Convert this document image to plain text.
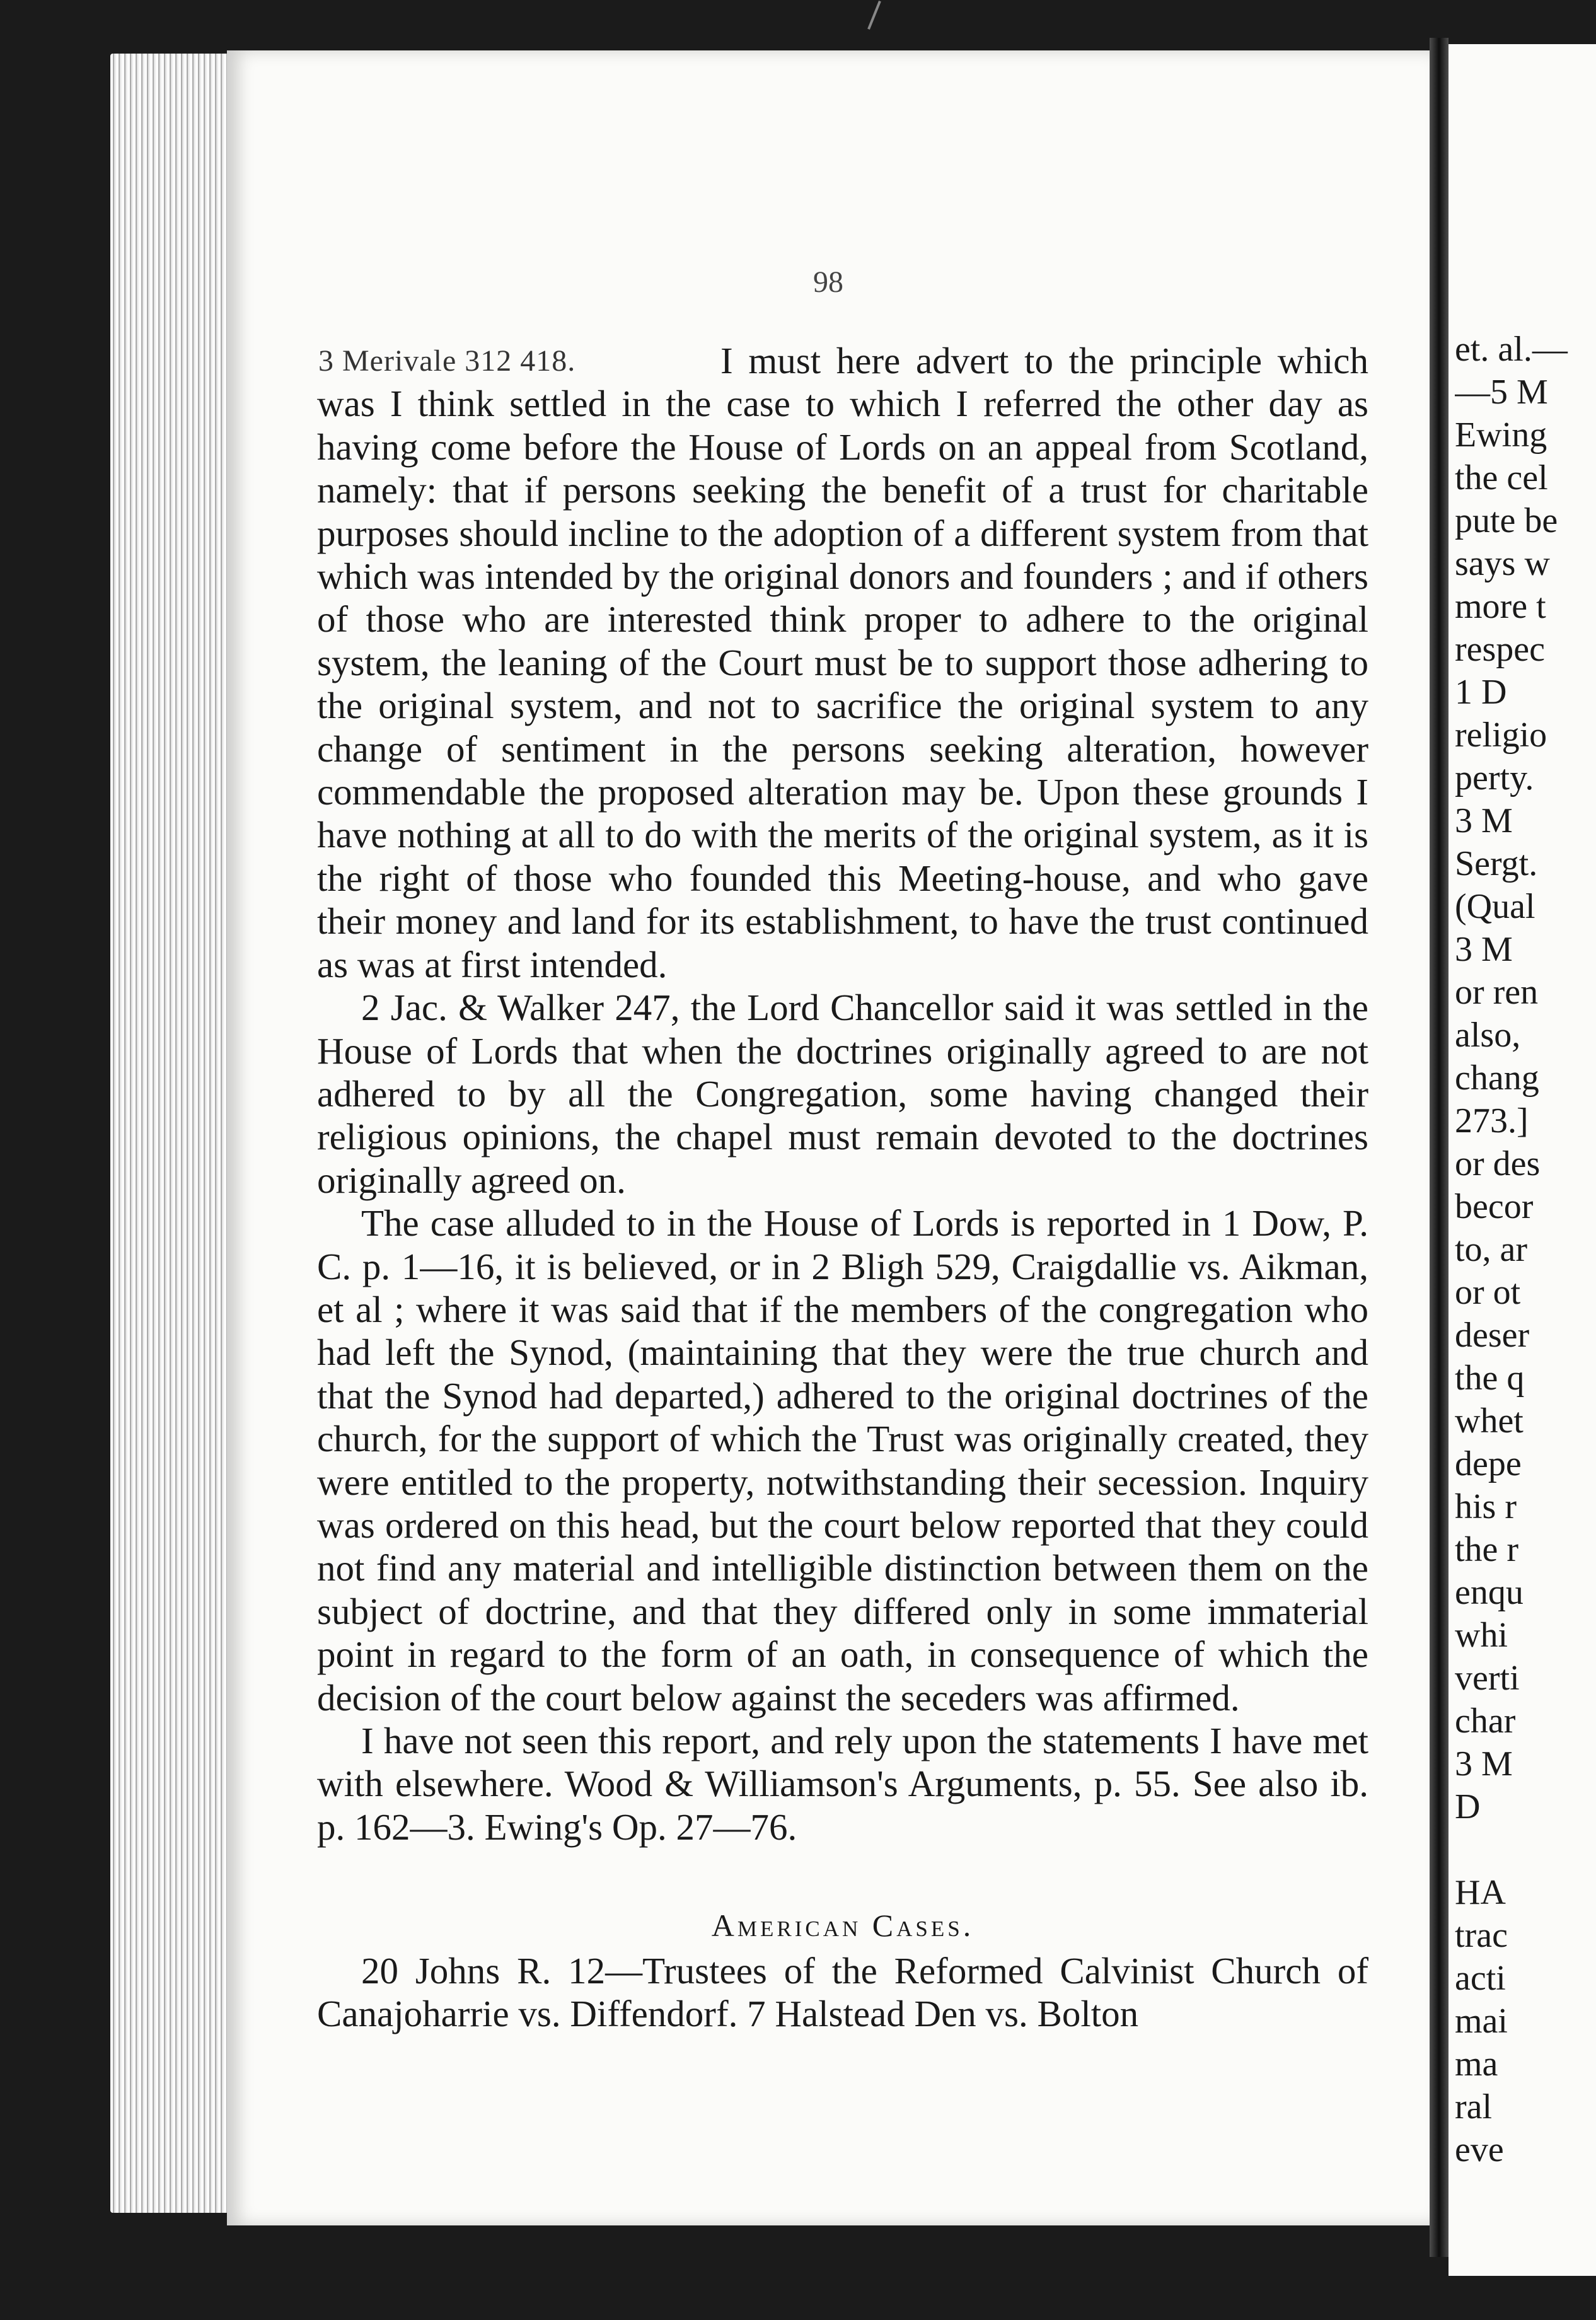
98

I must here advert to the principle which was I think settled in the case to which I referred the other day as having come before the House of Lords on an appeal from Scotland, namely: that if persons seeking the benefit of a trust for charitable purposes should incline to the adoption of a different system from that which was intended by the original donors and founders ; and if others of those who are interested think proper to adhere to the original system, the leaning of the Court must be to support those adhering to the original system, and not to sacrifice the original system to any change of sentiment in the persons seeking alteration, however commendable the proposed alteration may be. Upon these grounds I have nothing at all to do with the merits of the original system, as it is the right of those who founded this Meeting-house, and who gave their money and land for its establishment, to have the trust continued as was at first intended.

2 Jac. & Walker 247, the Lord Chancellor said it was settled in the House of Lords that when the doctrines originally agreed to are not adhered to by all the Congregation, some having changed their religious opinions, the chapel must remain devoted to the doctrines originally agreed on.

The case alluded to in the House of Lords is reported in 1 Dow, P. C. p. 1—16, it is believed, or in 2 Bligh 529, Craigdallie vs. Aikman, et al ; where it was said that if the members of the congregation who had left the Synod, (maintaining that they were the true church and that the Synod had departed,) adhered to the original doctrines of the church, for the support of which the Trust was originally created, they were entitled to the property, notwithstanding their secession. Inquiry was ordered on this head, but the court below reported that they could not find any material and intelligible distinction between them on the subject of doctrine, and that they differed only in some immaterial point in regard to the form of an oath, in consequence of which the decision of the court below against the seceders was affirmed.

I have not seen this report, and rely upon the statements I have met with elsewhere. Wood & Williamson's Arguments, p. 55. See also ib. p. 162—3. Ewing's Op. 27—76.

3 Merivale 312 418.
American Cases.

20 Johns R. 12—Trustees of the Reformed Calvinist Church of Canajoharrie vs. Diffendorf. 7 Halstead Den vs. Bolton

et. al.—
—5 M
Ewing
the cel
pute be
says w
more t
respec
1 D
religio
perty.
3 M
Sergt.
(Qual
3 M
or ren
also,
chang
273.]
or des
becor
to, ar
or ot
deser
the q
whet
depe
his r
the r
enqu
whi
verti
char
3 M
D
HA
trac
acti
mai
ma
ral
eve
